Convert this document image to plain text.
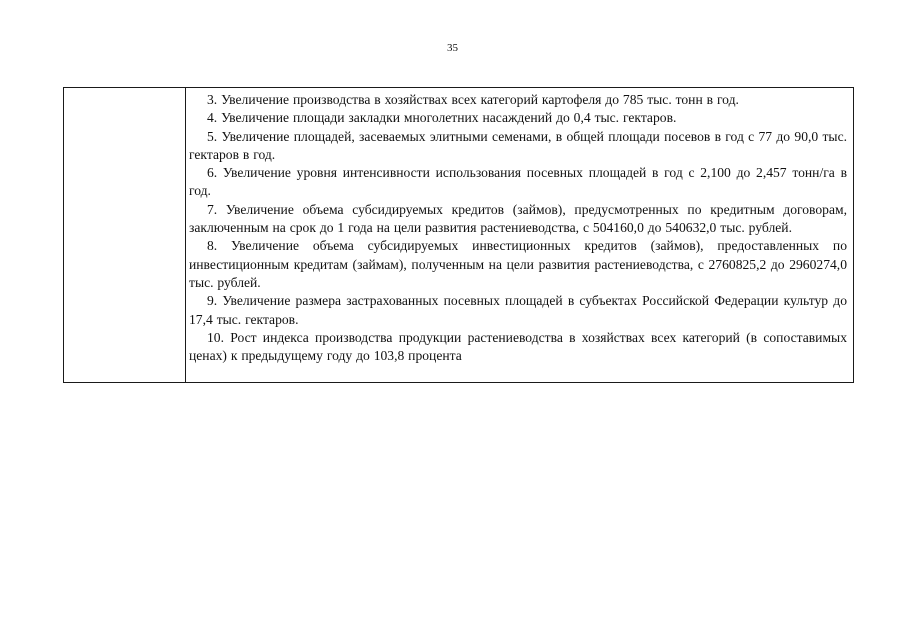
35

3. Увеличение производства в хозяйствах всех категорий картофеля до 785 тыс. тонн в год.

4. Увеличение площади закладки многолетних насаждений до 0,4 тыс. гектаров.

5. Увеличение площадей, засеваемых элитными семенами, в общей площади посевов в год с 77 до 90,0 тыс. гектаров в год.

6. Увеличение уровня интенсивности использования посевных площадей в год с 2,100 до 2,457 тонн/га в год.

7. Увеличение объема субсидируемых кредитов (займов), предусмотренных по кредитным договорам, заключенным на срок до 1 года на цели развития растениеводства, с 504160,0 до 540632,0 тыс. рублей.

8. Увеличение объема субсидируемых инвестиционных кредитов (займов), предоставленных по инвестиционным кредитам (займам), полученным на цели развития растениеводства, с 2760825,2 до 2960274,0 тыс. рублей.

9. Увеличение размера застрахованных посевных площадей в субъектах Российской Федерации культур до 17,4 тыс. гектаров.

10. Рост индекса производства продукции растениеводства в хозяйствах всех категорий (в сопоставимых ценах) к предыдущему году до 103,8 процента
